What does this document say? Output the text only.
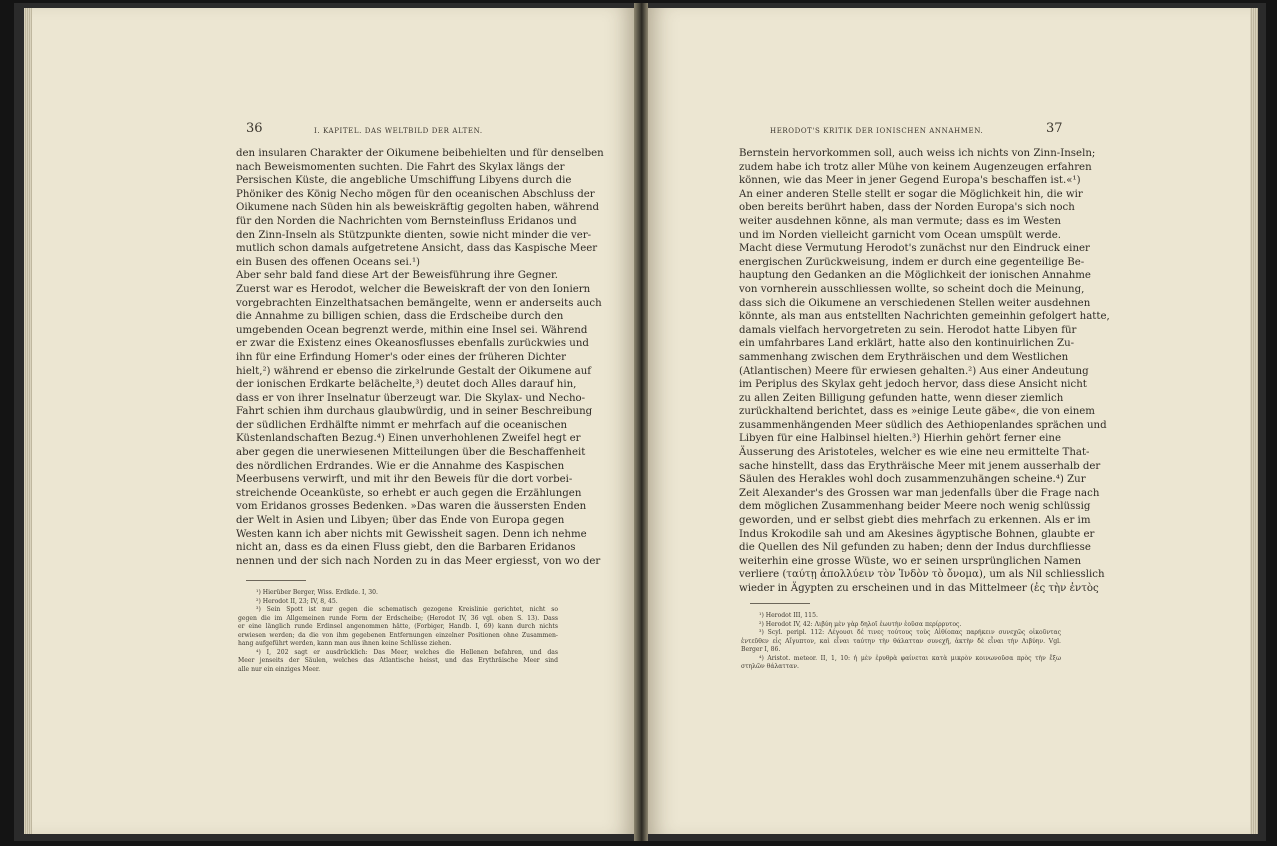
36	I. KAPITEL. DAS WELTBILD DER ALTEN.
den insularen Charakter der Oikumene beibehielten und für denselben
nach Beweismomenten suchten. Die Fahrt des Skylax längs der
Persischen Küste, die angebliche Umschiffung Libyens durch die
Phöniker des König Necho mögen für den oceanischen Abschluss der
Oikumene nach Süden hin als beweiskräftig gegolten haben, während
für den Norden die Nachrichten vom Bernsteinfluss Eridanos und
den Zinn-Inseln als Stützpunkte dienten, sowie nicht minder die ver-
mutlich schon damals aufgetretene Ansicht, dass das Kaspische Meer
ein Busen des offenen Oceans sei.¹)
Aber sehr bald fand diese Art der Beweisführung ihre Gegner.
Zuerst war es Herodot, welcher die Beweiskraft der von den Ioniern
vorgebrachten Einzelthatsachen bemängelte, wenn er anderseits auch
die Annahme zu billigen schien, dass die Erdscheibe durch den
umgebenden Ocean begrenzt werde, mithin eine Insel sei. Während
er zwar die Existenz eines Okeanosflusses ebenfalls zurückwies und
ihn für eine Erfindung Homer's oder eines der früheren Dichter
hielt,²) während er ebenso die zirkelrunde Gestalt der Oikumene auf
der ionischen Erdkarte belächelte,³) deutet doch Alles darauf hin,
dass er von ihrer Inselnatur überzeugt war. Die Skylax- und Necho-
Fahrt schien ihm durchaus glaubwürdig, und in seiner Beschreibung
der südlichen Erdhälfte nimmt er mehrfach auf die oceanischen
Küstenlandschaften Bezug.⁴) Einen unverhohlenen Zweifel hegt er
aber gegen die unerwiesenen Mitteilungen über die Beschaffenheit
des nördlichen Erdrandes. Wie er die Annahme des Kaspischen
Meerbusens verwirft, und mit ihr den Beweis für die dort vorbei-
streichende Oceanküste, so erhebt er auch gegen die Erzählungen
vom Eridanos grosses Bedenken. »Das waren die äussersten Enden
der Welt in Asien und Libyen; über das Ende von Europa gegen
Westen kann ich aber nichts mit Gewissheit sagen. Denn ich nehme
nicht an, dass es da einen Fluss giebt, den die Barbaren Eridanos
nennen und der sich nach Norden zu in das Meer ergiesst, von wo der
¹) Hierüber Berger, Wiss. Erdkde. I, 30.
²) Herodot II, 23; IV, 8, 45.
³) Sein Spott ist nur gegen die schematisch gezogene Kreislinie gerichtet, nicht so
gegen die im Allgemeinen runde Form der Erdscheibe; (Herodot IV, 36 vgl. oben S. 13). Dass
er eine länglich runde Erdinsel angenommen hätte, (Forbiger, Handb. I, 69) kann durch nichts
erwiesen werden; da die von ihm gegebenen Entfernungen einzelner Positionen ohne Zusammen-
hang aufgeführt werden, kann man aus ihnen keine Schlüsse ziehen.
⁴) I, 202 sagt er ausdrücklich: Das Meer, welches die Hellenen befahren, und das
Meer jenseits der Säulen, welches das Atlantische heisst, und das Erythräische Meer sind
alle nur ein einziges Meer.
HERODOT'S KRITIK DER IONISCHEN ANNAHMEN.	37
Bernstein hervorkommen soll, auch weiss ich nichts von Zinn-Inseln;
zudem habe ich trotz aller Mühe von keinem Augenzeugen erfahren
können, wie das Meer in jener Gegend Europa's beschaffen ist.«¹)
An einer anderen Stelle stellt er sogar die Möglichkeit hin, die wir
oben bereits berührt haben, dass der Norden Europa's sich noch
weiter ausdehnen könne, als man vermute; dass es im Westen
und im Norden vielleicht garnicht vom Ocean umspült werde.
Macht diese Vermutung Herodot's zunächst nur den Eindruck einer
energischen Zurückweisung, indem er durch eine gegenteilige Be-
hauptung den Gedanken an die Möglichkeit der ionischen Annahme
von vornherein ausschliessen wollte, so scheint doch die Meinung,
dass sich die Oikumene an verschiedenen Stellen weiter ausdehnen
könnte, als man aus entstellten Nachrichten gemeinhin gefolgert hatte,
damals vielfach hervorgetreten zu sein. Herodot hatte Libyen für
ein umfahrbares Land erklärt, hatte also den kontinuirlichen Zu-
sammenhang zwischen dem Erythräischen und dem Westlichen
(Atlantischen) Meere für erwiesen gehalten.²) Aus einer Andeutung
im Periplus des Skylax geht jedoch hervor, dass diese Ansicht nicht
zu allen Zeiten Billigung gefunden hatte, wenn dieser ziemlich
zurückhaltend berichtet, dass es »einige Leute gäbe«, die von einem
zusammenhängenden Meer südlich des Aethiopenlandes sprächen und
Libyen für eine Halbinsel hielten.³) Hierhin gehört ferner eine
Äusserung des Aristoteles, welcher es wie eine neu ermittelte That-
sache hinstellt, dass das Erythräische Meer mit jenem ausserhalb der
Säulen des Herakles wohl doch zusammenzuhängen scheine.⁴) Zur
Zeit Alexander's des Grossen war man jedenfalls über die Frage nach
dem möglichen Zusammenhang beider Meere noch wenig schlüssig
geworden, und er selbst giebt dies mehrfach zu erkennen. Als er im
Indus Krokodile sah und am Akesines ägyptische Bohnen, glaubte er
die Quellen des Nil gefunden zu haben; denn der Indus durchfliesse
weiterhin eine grosse Wüste, wo er seinen ursprünglichen Namen
verliere (ταύτῃ ἀπολλύειν τὸν Ἰνδὸν τὸ ὄνομα), um als Nil schliesslich
wieder in Ägypten zu erscheinen und in das Mittelmeer (ἐς τὴν ἐντὸς
¹) Herodot III, 115.
²) Herodot IV, 42: Λιβύη μὲν γὰρ δηλοῖ ἑωυτὴν ἐοῦσα περίρρυτος.
³) Scyl. peripl. 112: Λέγουσι δέ τινες τούτους τοὺς Αἰθίοπας παρήκειν συνεχῶς οἰκοῦντας
ἐντεῦθεν εἰς Αἴγυπτον, καὶ εἶναι ταύτην τὴν θάλατταν συνεχῆ, ἀκτὴν δὲ εἶναι τὴν Λιβύην. Vgl.
Berger I, 86.
⁴) Aristot. meteor. II, 1, 10: ἡ μὲν ἐρυθρὰ φαίνεται κατὰ μικρὸν κοινωνοῦσα πρὸς τὴν ἔξω
στηλῶν θάλατταν.
